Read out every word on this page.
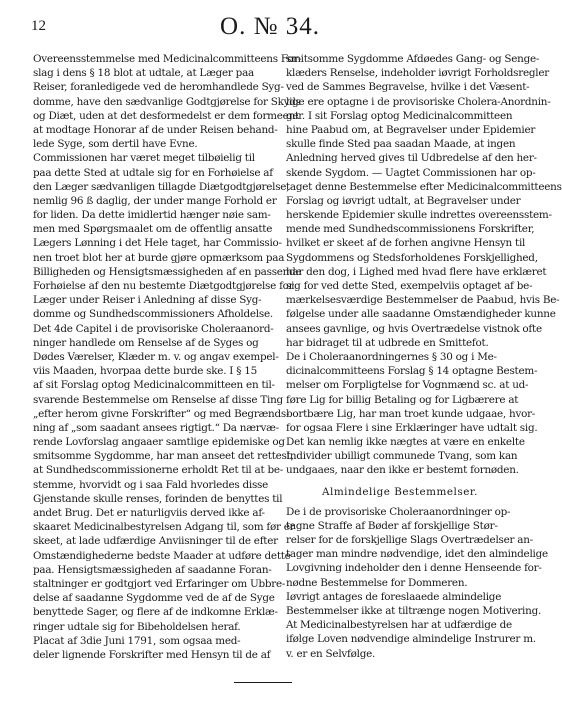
12	O. № 34.
Overeensstemmelse med Medicinalcommitteens For-
slag i dens § 18 blot at udtale, at Læger paa
Reiser, foranledigede ved de heromhandlede Syg-
domme, have den sædvanlige Godtgjørelse for Skyds
og Diæt, uden at det desformedelst er dem formeent
at modtage Honorar af de under Reisen behand-
lede Syge, som dertil have Evne.
Commissionen har været meget tilbøielig til
paa dette Sted at udtale sig for en Forhøielse af
den Læger sædvanligen tillagde Diætgodtgjørelse,
nemlig 96 ß daglig, der under mange Forhold er
for liden. Da dette imidlertid hænger nøie sam-
men med Spørgsmaalet om de offentlig ansatte
Lægers Lønning i det Hele taget, har Commissio-
nen troet blot her at burde gjøre opmærksom paa
Billigheden og Hensigtsmæssigheden af en passende
Forhøielse af den nu bestemte Diætgodtgjørelse for
Læger under Reiser i Anledning af disse Syg-
domme og Sundhedscommissioners Afholdelse.
Det 4de Capitel i de provisoriske Choleraanord-
ninger handlede om Renselse af de Syges og
Dødes Værelser, Klæder m. v. og angav exempel-
viis Maaden, hvorpaa dette burde ske. I § 15
af sit Forslag optog Medicinalcommitteen en til-
svarende Bestemmelse om Renselse af disse Ting
„efter herom givne Forskrifter“ og med Begrænds-
ning af „som saadant ansees rigtigt.“ Da nærvæ-
rende Lovforslag angaaer samtlige epidemiske og
smitsomme Sygdomme, har man anseet det rettest,
at Sundhedscommissionerne erholdt Ret til at be-
stemme, hvorvidt og i saa Fald hvorledes disse
Gjenstande skulle renses, forinden de benyttes til
andet Brug. Det er naturligviis derved ikke af-
skaaret Medicinalbestyrelsen Adgang til, som før er
skeet, at lade udfærdige Anviisninger til de efter
Omstændighederne bedste Maader at udføre dette
paa. Hensigtsmæssigheden af saadanne Foran-
staltninger er godtgjort ved Erfaringer om Ubbre-
delse af saadanne Sygdomme ved de af de Syge
benyttede Sager, og flere af de indkomne Erklæ-
ringer udtale sig for Bibeholdelsen heraf.
Placat af 3die Juni 1791, som ogsaa med-
deler lignende Forskrifter med Hensyn til de af
smitsomme Sygdomme Afdøedes Gang- og Senge-
klæders Renselse, indeholder iøvrigt Forholdsregler
ved de Sammes Begravelse, hvilke i det Væsent-
lige ere optagne i de provisoriske Cholera-Anordnin-
ger. I sit Forslag optog Medicinalcommitteen
hine Paabud om, at Begravelser under Epidemier
skulle finde Sted paa saadan Maade, at ingen
Anledning herved gives til Udbredelse af den her-
skende Sygdom. — Uagtet Commissionen har op-
taget denne Bestemmelse efter Medicinalcommitteens
Forslag og iøvrigt udtalt, at Begravelser under
herskende Epidemier skulle indrettes overeensstem-
mende med Sundhedscommissionens Forskrifter,
hvilket er skeet af de forhen angivne Hensyn til
Sygdommens og Stedsforholdenes Forskjellighed,
har den dog, i Lighed med hvad flere have erklæret
sig for ved dette Sted, exempelviis optaget af be-
mærkelsesværdige Bestemmelser de Paabud, hvis Be-
følgelse under alle saadanne Omstændigheder kunne
ansees gavnlige, og hvis Overtrædelse vistnok ofte
har bidraget til at udbrede en Smittefot.
De i Choleraanordningernes § 30 og i Me-
dicinalcommitteens Forslag § 14 optagne Bestem-
melser om Forpligtelse for Vognmænd sc. at ud-
føre Lig for billig Betaling og for Ligbærere at
bortbære Lig, har man troet kunde udgaae, hvor-
for ogsaa Flere i sine Erklæringer have udtalt sig.
Det kan nemlig ikke nægtes at være en enkelte
Individer ubilligt communede Tvang, som kan
undgaaes, naar den ikke er bestemt fornøden.
Almindelige Bestemmelser.
De i de provisoriske Choleraanordninger op-
tagne Straffe af Bøder af forskjellige Stør-
relser for de forskjellige Slags Overtrædelser an-
tager man mindre nødvendige, idet den almindelige
Lovgivning indeholder den i denne Henseende for-
nødne Bestemmelse for Dommeren.
Iøvrigt antages de foreslaaede almindelige
Bestemmelser ikke at tiltrænge nogen Motivering.
At Medicinalbestyrelsen har at udfærdige de
ifølge Loven nødvendige almindelige Instrurer m.
v. er en Selvfølge.
